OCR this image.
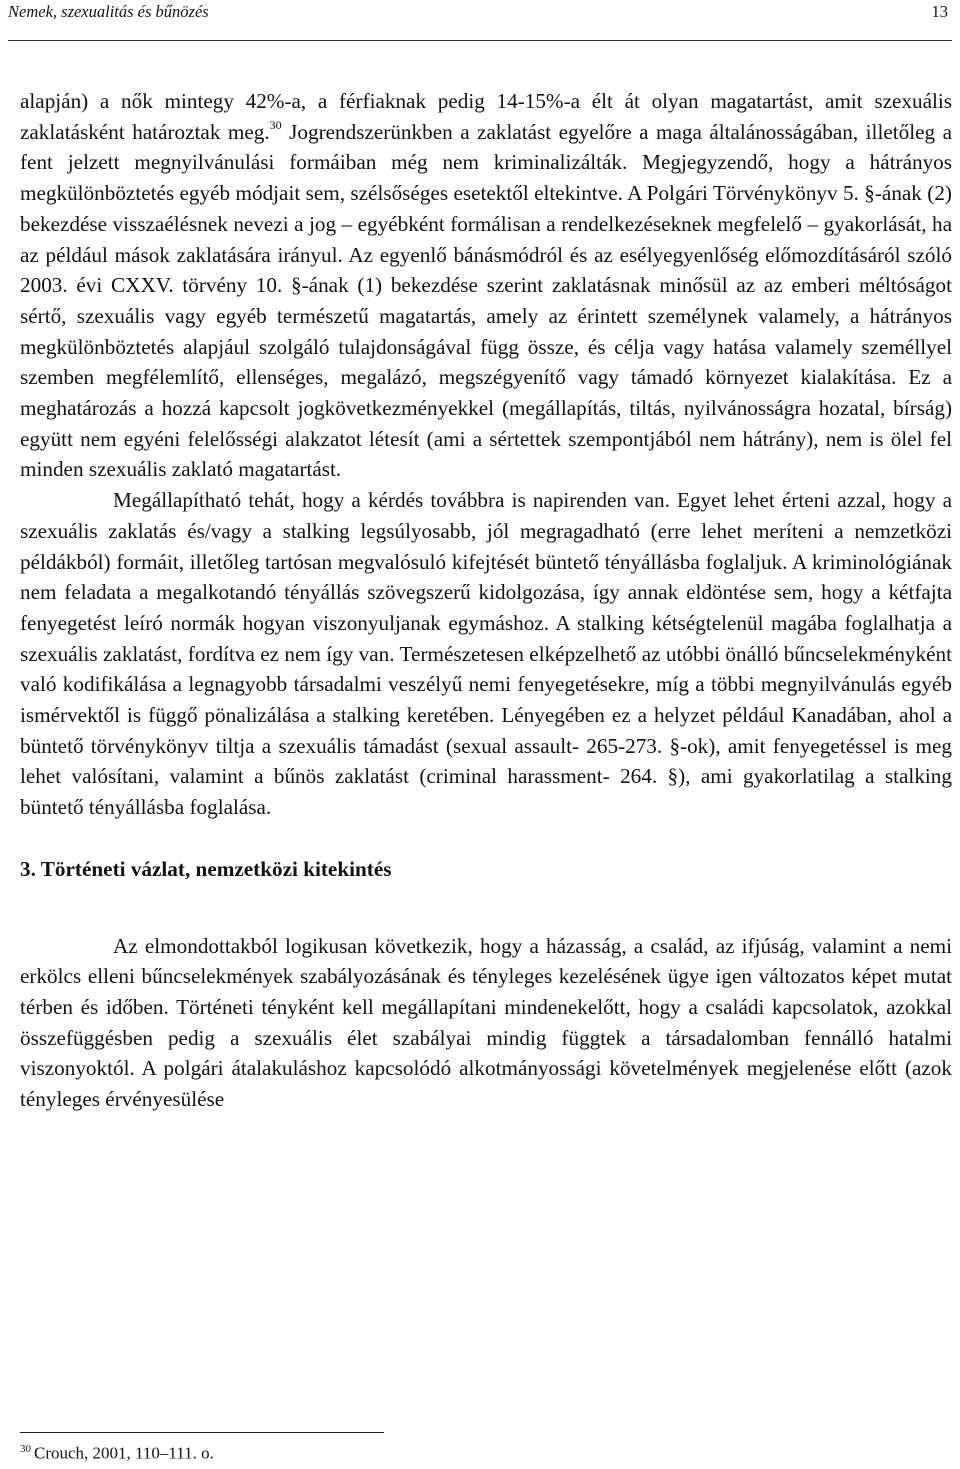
Nemek, szexualitás és bűnözés	13

alapján) a nők mintegy 42%-a, a férfiaknak pedig 14-15%-a élt át olyan magatartást, amit szexuális zaklatásként határoztak meg.$^{30}$ Jogrendszerünkben a zaklatást egyelőre a maga általánosságában, illetőleg a fent jelzett megnyilvánulási formáiban még nem kriminalizálták. Megjegyzendő, hogy a hátrányos megkülönböztetés egyéb módjait sem, szélsőséges esetektől eltekintve. A Polgári Törvénykönyv 5. §-ának (2) bekezdése visszaélésnek nevezi a jog – egyébként formálisan a rendelkezéseknek megfelelő – gyakorlását, ha az például mások zaklatására irányul. Az egyenlő bánásmódról és az esélyegyenlőség előmozdításáról szóló 2003. évi CXXV. törvény 10. §-ának (1) bekezdése szerint zaklatásnak minősül az az emberi méltóságot sértő, szexuális vagy egyéb természetű magatartás, amely az érintett személynek valamely, a hátrányos megkülönböztetés alapjául szolgáló tulajdonságával függ össze, és célja vagy hatása valamely személlyel szemben megfélemlítő, ellenséges, megalázó, megszégyenítő vagy támadó környezet kialakítása. Ez a meghatározás a hozzá kapcsolt jogkövetkezményekkel (megállapítás, tiltás, nyilvánosságra hozatal, bírság) együtt nem egyéni felelősségi alakzatot létesít (ami a sértettek szempontjából nem hátrány), nem is ölel fel minden szexuális zaklató magatartást.

Megállapítható tehát, hogy a kérdés továbbra is napirenden van. Egyet lehet érteni azzal, hogy a szexuális zaklatás és/vagy a stalking legsúlyosabb, jól megragadható (erre lehet meríteni a nemzetközi példákból) formáit, illetőleg tartósan megvalósuló kifejtését büntető tényállásba foglaljuk. A kriminológiának nem feladata a megalkotandó tényállás szövegszerű kidolgozása, így annak eldöntése sem, hogy a kétfajta fenyegetést leíró normák hogyan viszonyuljanak egymáshoz. A stalking kétségtelenül magába foglalhatja a szexuális zaklatást, fordítva ez nem így van. Természetesen elképzelhető az utóbbi önálló bűncselekményként való kodifikálása a legnagyobb társadalmi veszélyű nemi fenyegetésekre, míg a többi megnyilvánulás egyéb ismérvektől is függő pönalizálása a stalking keretében. Lényegében ez a helyzet például Kanadában, ahol a büntető törvénykönyv tiltja a szexuális támadást (sexual assault- 265-273. §-ok), amit fenyegetéssel is meg lehet valósítani, valamint a bűnös zaklatást (criminal harassment- 264. §), ami gyakorlatilag a stalking büntető tényállásba foglalása.

3. Történeti vázlat, nemzetközi kitekintés

Az elmondottakból logikusan következik, hogy a házasság, a család, az ifjúság, valamint a nemi erkölcs elleni bűncselekmények szabályozásának és tényleges kezelésének ügye igen változatos képet mutat térben és időben. Történeti tényként kell megállapítani mindenekelőtt, hogy a családi kapcsolatok, azokkal összefüggésben pedig a szexuális élet szabályai mindig függtek a társadalomban fennálló hatalmi viszonyoktól. A polgári átalakuláshoz kapcsolódó alkotmányossági követelmények megjelenése előtt (azok tényleges érvényesülése

$^{30}$ Crouch, 2001, 110–111. o.
